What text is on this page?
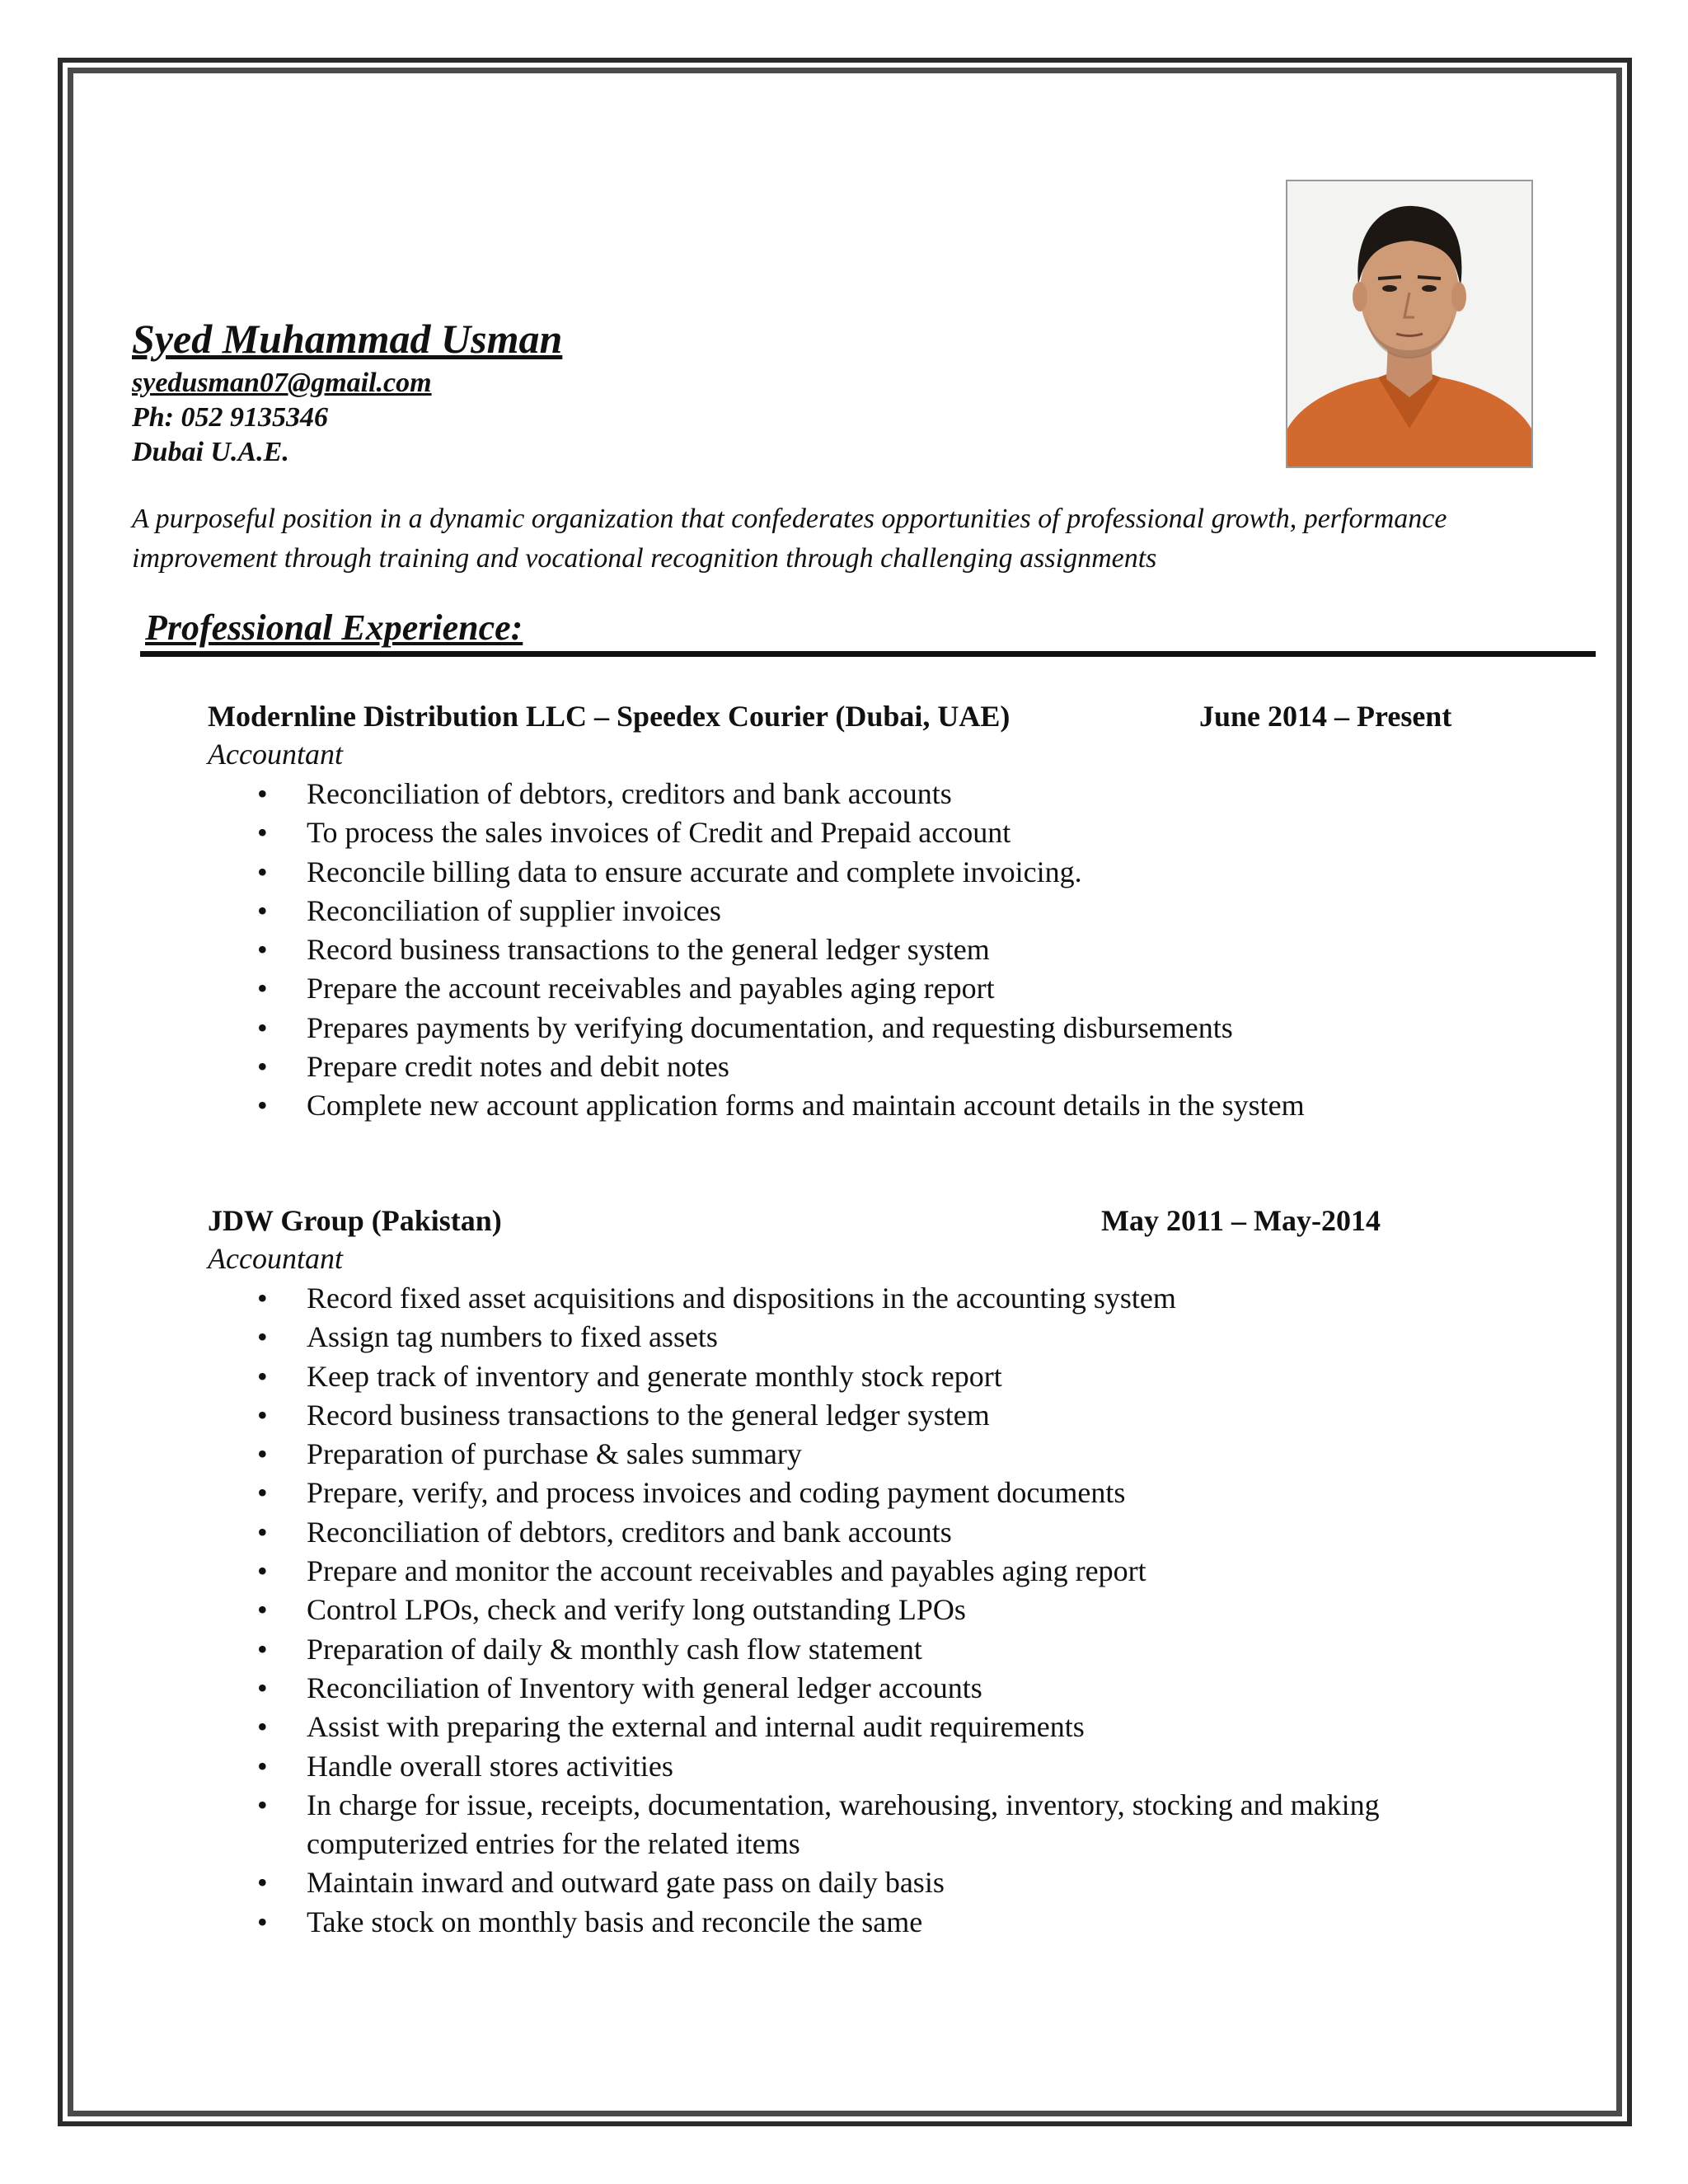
Syed Muhammad Usman
syedusman07@gmail.com
Ph: 052 9135346
Dubai U.A.E.
A purposeful position in a dynamic organization that confederates opportunities of professional growth, performance improvement through training and vocational recognition through challenging assignments
Professional Experience:
Modernline Distribution LLC – Speedex Courier (Dubai, UAE)	June 2014 – Present
Accountant
• Reconciliation of debtors, creditors and bank accounts
• To process the sales invoices of Credit and Prepaid account
• Reconcile billing data to ensure accurate and complete invoicing.
• Reconciliation of supplier invoices
• Record business transactions to the general ledger system
• Prepare the account receivables and payables aging report
• Prepares payments by verifying documentation, and requesting disbursements
• Prepare credit notes and debit notes
• Complete new account application forms and maintain account details in the system
JDW Group (Pakistan)	May 2011 – May-2014
Accountant
• Record fixed asset acquisitions and dispositions in the accounting system
• Assign tag numbers to fixed assets
• Keep track of inventory and generate monthly stock report
• Record business transactions to the general ledger system
• Preparation of purchase & sales summary
• Prepare, verify, and process invoices and coding payment documents
• Reconciliation of debtors, creditors and bank accounts
• Prepare and monitor the account receivables and payables aging report
• Control LPOs, check and verify long outstanding LPOs
• Preparation of daily & monthly cash flow statement
• Reconciliation of Inventory with general ledger accounts
• Assist with preparing the external and internal audit requirements
• Handle overall stores activities
• In charge for issue, receipts, documentation, warehousing, inventory, stocking and making computerized entries for the related items
• Maintain inward and outward gate pass on daily basis
• Take stock on monthly basis and reconcile the same
